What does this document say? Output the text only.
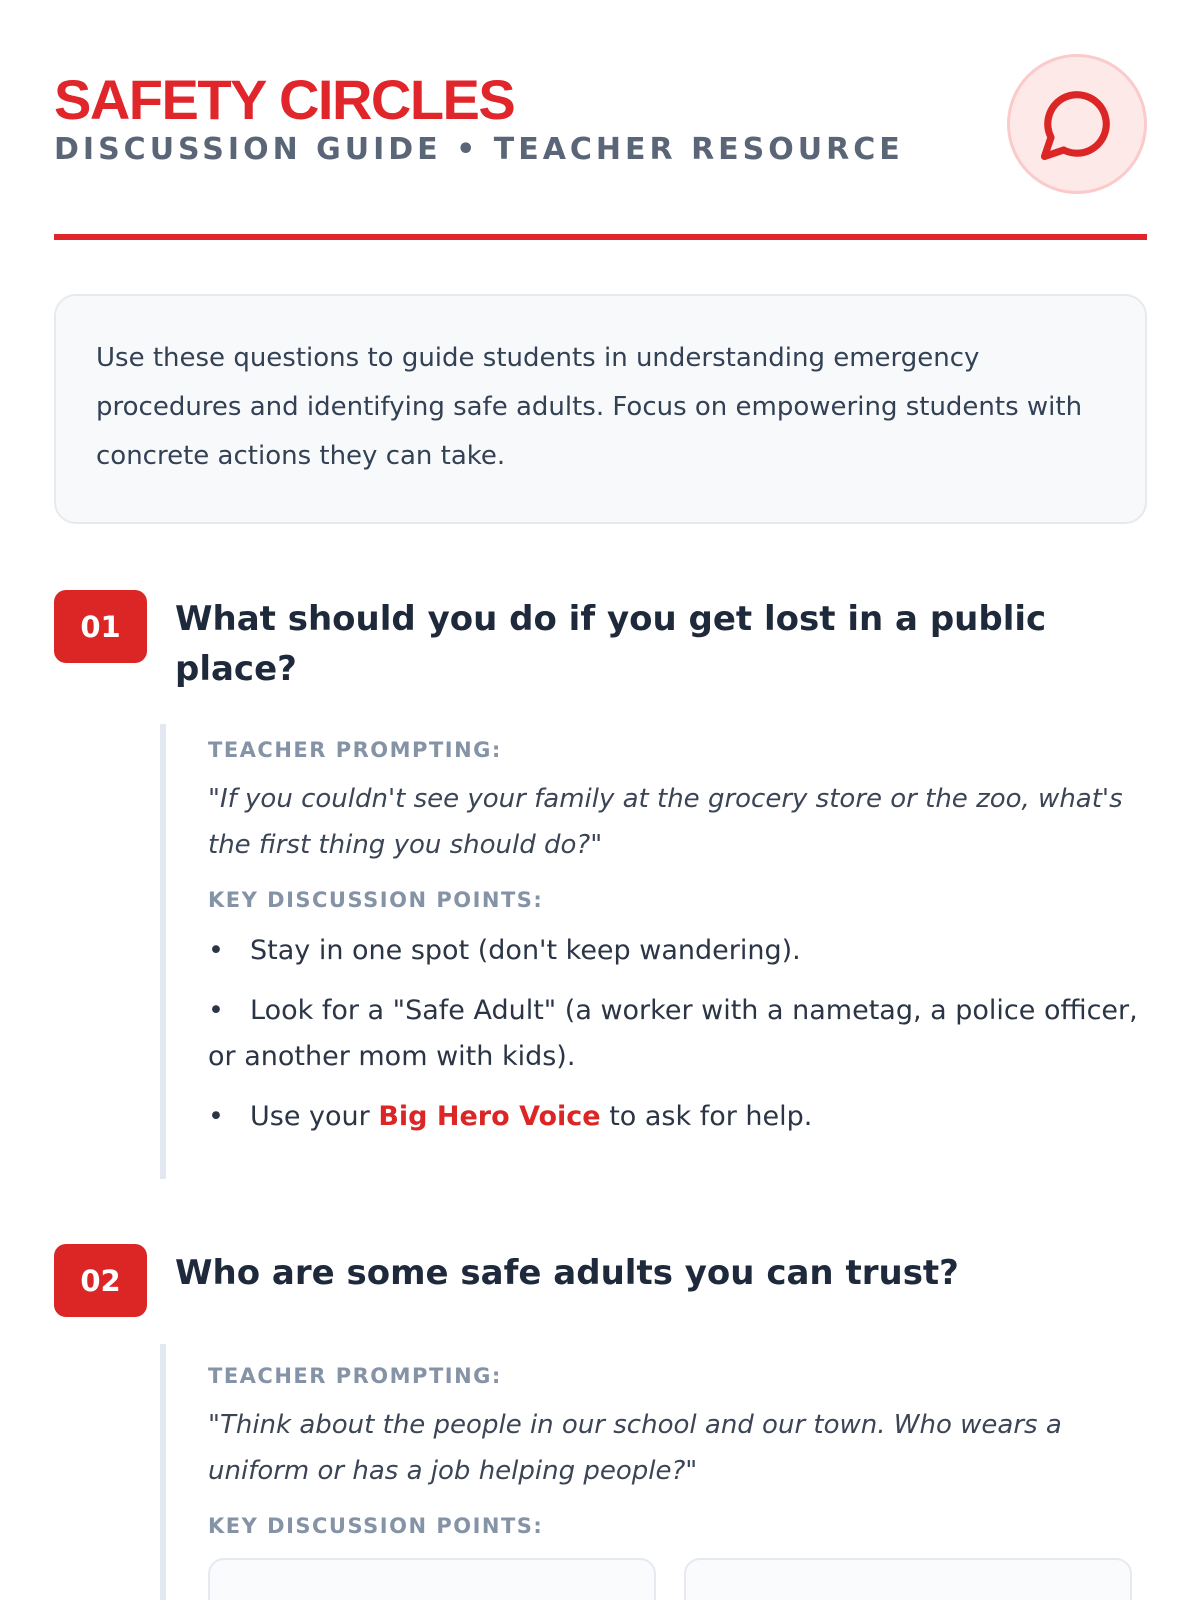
SAFETY CIRCLES
DISCUSSION GUIDE • TEACHER RESOURCE

Use these questions to guide students in understanding emergency procedures and identifying safe adults. Focus on empowering students with concrete actions they can take.

01	What should you do if you get lost in a public place?
TEACHER PROMPTING:
"If you couldn't see your family at the grocery store or the zoo, what's the first thing you should do?"
KEY DISCUSSION POINTS:
• Stay in one spot (don't keep wandering).
• Look for a "Safe Adult" (a worker with a nametag, a police officer, or another mom with kids).
• Use your Big Hero Voice to ask for help.
02	Who are some safe adults you can trust?
TEACHER PROMPTING:
"Think about the people in our school and our town. Who wears a uniform or has a job helping people?"
KEY DISCUSSION POINTS:
